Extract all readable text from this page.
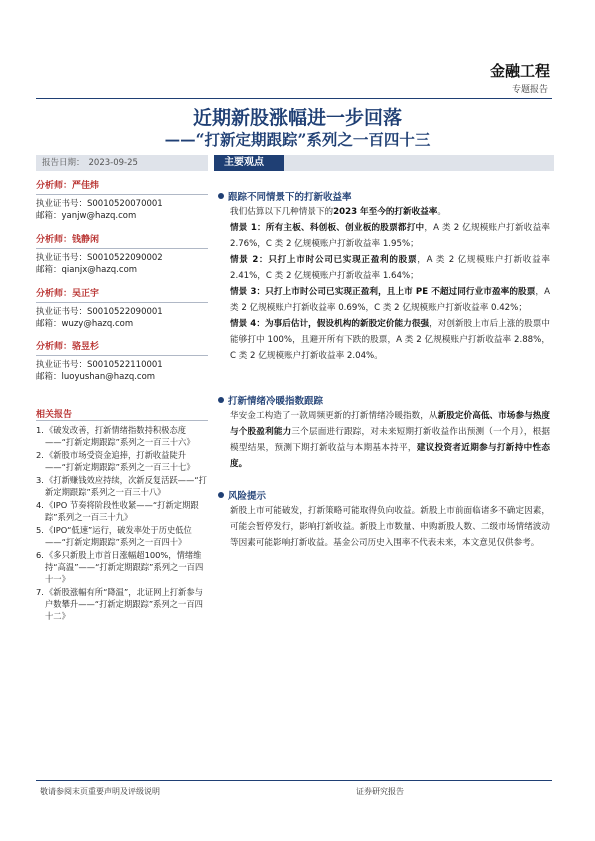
金融工程
专题报告
近期新股涨幅进一步回落
——“打新定期跟踪”系列之一百四十三
报告日期： 2023-09-25	主要观点
分析师：严佳炜
执业证书号：S0010520070001
邮箱：yanjw@hazq.com
分析师：钱静闲
执业证书号：S0010522090002
邮箱：qianjx@hazq.com
分析师：吴正宇
执业证书号：S0010522090001
邮箱：wuzy@hazq.com
分析师：骆昱杉
执业证书号：S0010522110001
邮箱：luoyushan@hazq.com
相关报告
1. 《破发改善，打新情绪指数持积极态度——“打新定期跟踪”系列之一百三十六》
2. 《新股市场受资金追捧，打新收益陡升——“打新定期跟踪”系列之一百三十七》
3. 《打新赚钱效应持续，次新反复活跃——“打新定期跟踪”系列之一百三十八》
4. 《IPO 节奏将阶段性收紧——“打新定期跟踪”系列之一百三十九》
5. 《IPO“低速”运行，破发率处于历史低位——“打新定期跟踪”系列之一百四十》
6. 《多只新股上市首日涨幅超100%，情绪维持“高温”——“打新定期跟踪”系列之一百四十一》
7. 《新股涨幅有所“降温”，北证网上打新参与户数攀升——“打新定期跟踪”系列之一百四十二》
跟踪不同情景下的打新收益率
我们估算以下几种情景下的2023 年至今的打新收益率。
情景 1：所有主板、科创板、创业板的股票都打中，A 类 2 亿规模账户打新收益率 2.76%，C 类 2 亿规模账户打新收益率 1.95%；
情景 2：只打上市时公司已实现正盈利的股票，A 类 2 亿规模账户打新收益率 2.41%，C 类 2 亿规模账户打新收益率 1.64%；
情景 3：只打上市时公司已实现正盈利，且上市 PE 不超过同行业市盈率的股票，A 类 2 亿规模账户打新收益率 0.69%，C 类 2 亿规模账户打新收益率 0.42%；
情景 4：为事后估计，假设机构的新股定价能力很强，对创新股上市后上涨的股票中能够打中 100%，且避开所有下跌的股票，A 类 2 亿规模账户打新收益率 2.88%，C 类 2 亿规模账户打新收益率 2.04%。
打新情绪冷暖指数跟踪
华安金工构造了一款周频更新的打新情绪冷暖指数，从新股定价高低、市场参与热度与个股盈利能力三个层面进行跟踪，对未来短期打新收益作出预测（一个月），根据模型结果，预测下期打新收益与本期基本持平，建议投资者近期参与打新持中性态度。
风险提示
新股上市可能破发，打新策略可能取得负向收益。新股上市前面临诸多不确定因素，可能会暂停发行，影响打新收益。新股上市数量、申购新股人数、二级市场情绪波动等因素可能影响打新收益。基金公司历史入围率不代表未来，本文意见仅供参考。
敬请参阅末页重要声明及评级说明	证券研究报告
